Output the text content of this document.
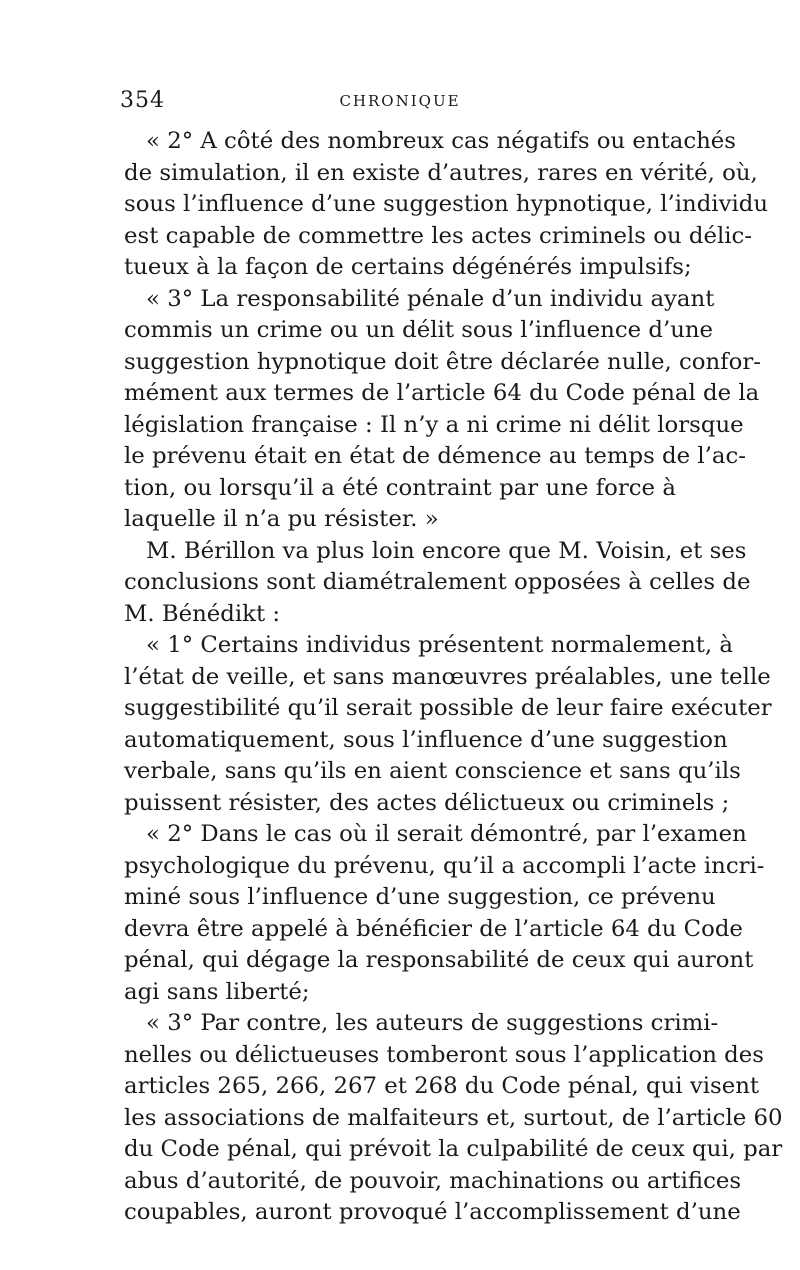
354	CHRONIQUE
« 2° A côté des nombreux cas négatifs ou entachés
de simulation, il en existe d’autres, rares en vérité, où,
sous l’influence d’une suggestion hypnotique, l’individu
est capable de commettre les actes criminels ou délic-
tueux à la façon de certains dégénérés impulsifs;
« 3° La responsabilité pénale d’un individu ayant
commis un crime ou un délit sous l’influence d’une
suggestion hypnotique doit être déclarée nulle, confor-
mément aux termes de l’article 64 du Code pénal de la
législation française : Il n’y a ni crime ni délit lorsque
le prévenu était en état de démence au temps de l’ac-
tion, ou lorsqu’il a été contraint par une force à
laquelle il n’a pu résister. »
M. Bérillon va plus loin encore que M. Voisin, et ses
conclusions sont diamétralement opposées à celles de
M. Bénédikt :
« 1° Certains individus présentent normalement, à
l’état de veille, et sans manœuvres préalables, une telle
suggestibilité qu’il serait possible de leur faire exécuter
automatiquement, sous l’influence d’une suggestion
verbale, sans qu’ils en aient conscience et sans qu’ils
puissent résister, des actes délictueux ou criminels ;
« 2° Dans le cas où il serait démontré, par l’examen
psychologique du prévenu, qu’il a accompli l’acte incri-
miné sous l’influence d’une suggestion, ce prévenu
devra être appelé à bénéficier de l’article 64 du Code
pénal, qui dégage la responsabilité de ceux qui auront
agi sans liberté;
« 3° Par contre, les auteurs de suggestions crimi-
nelles ou délictueuses tomberont sous l’application des
articles 265, 266, 267 et 268 du Code pénal, qui visent
les associations de malfaiteurs et, surtout, de l’article 60
du Code pénal, qui prévoit la culpabilité de ceux qui, par
abus d’autorité, de pouvoir, machinations ou artifices
coupables, auront provoqué l’accomplissement d’une
